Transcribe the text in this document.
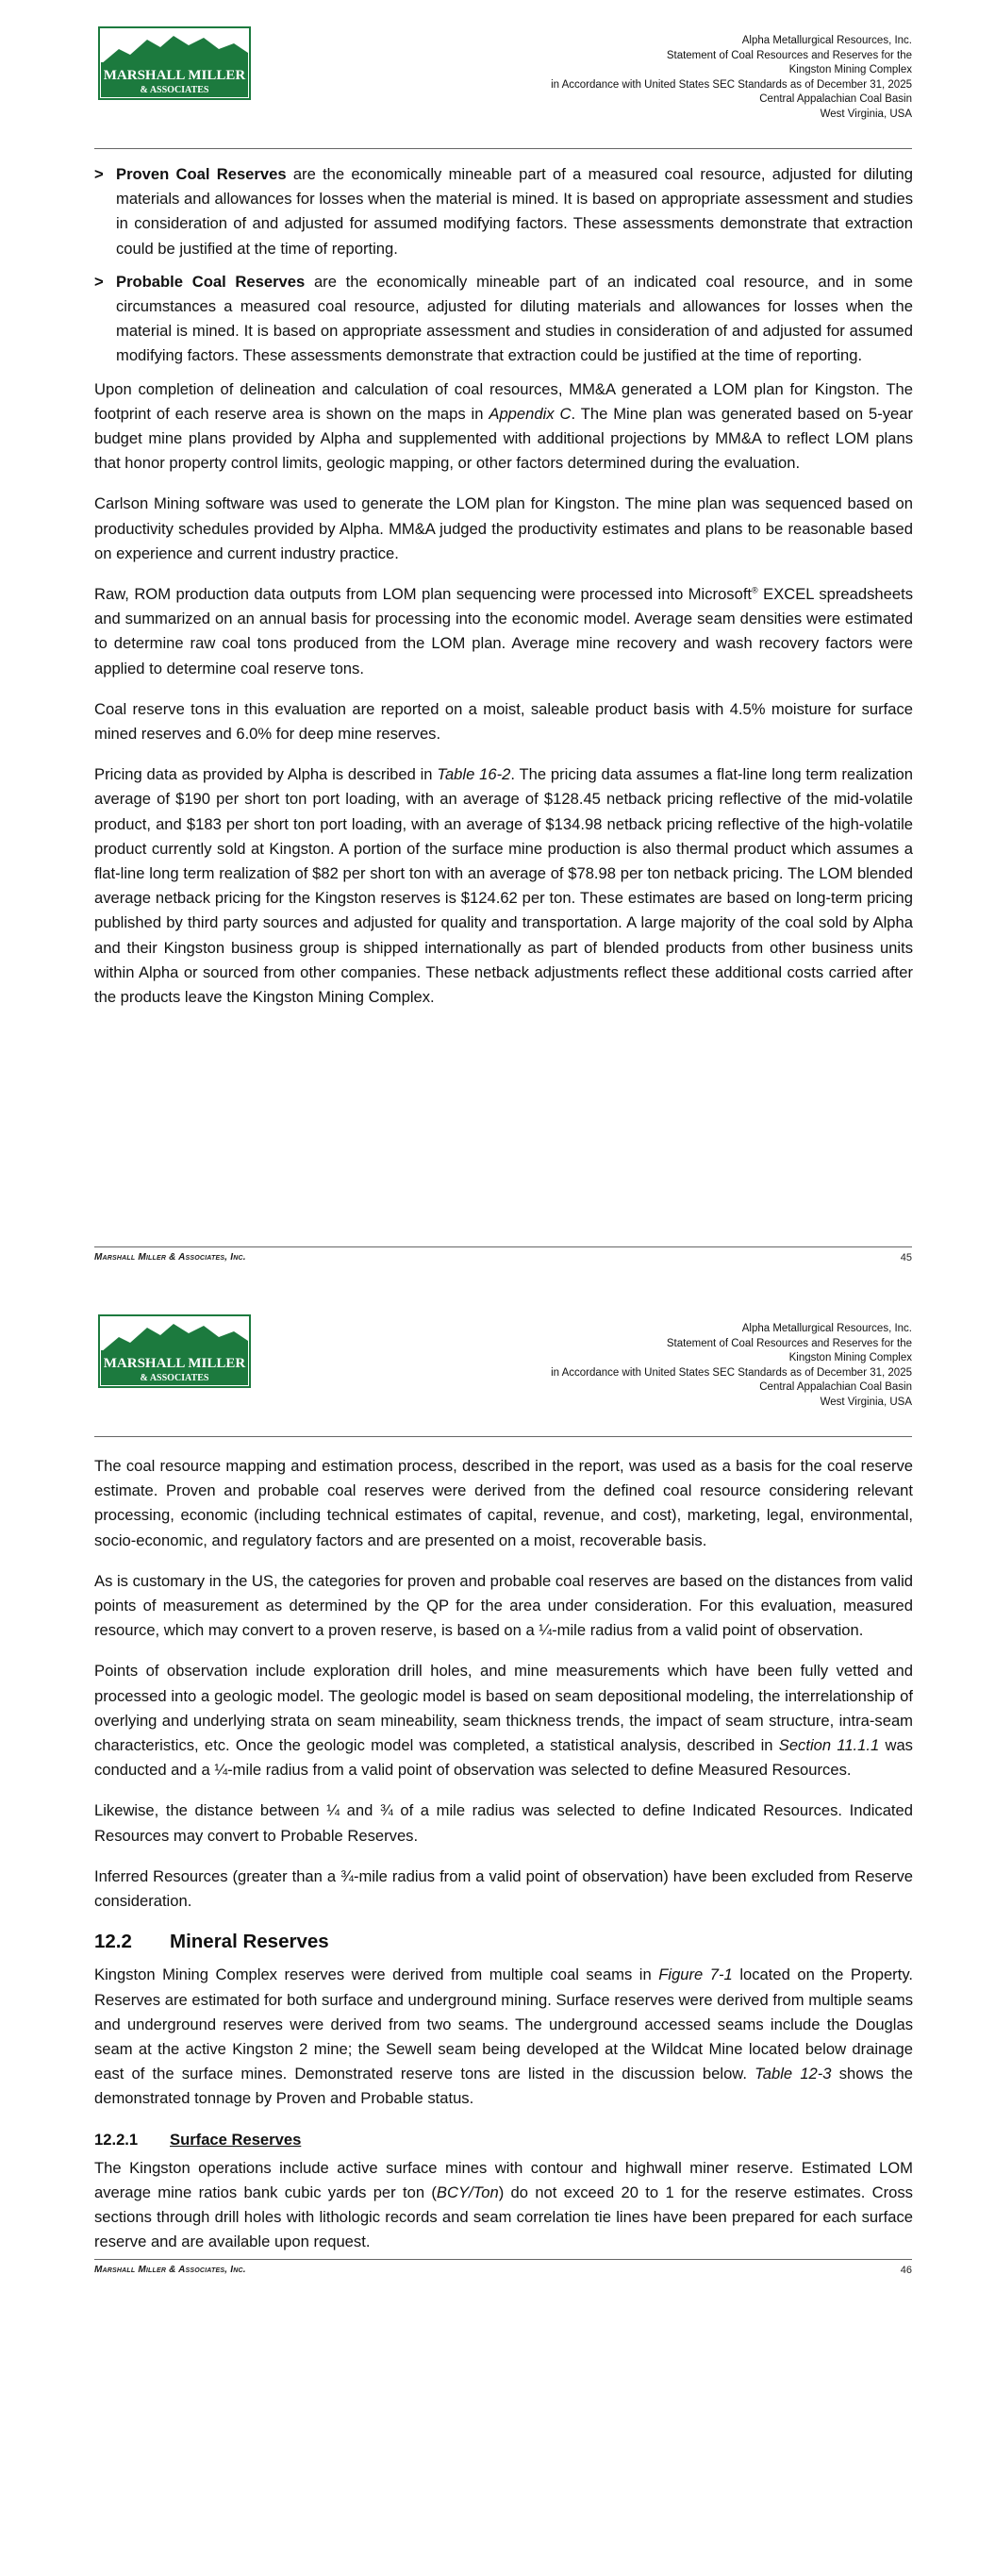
MARSHALL MILLER
& ASSOCIATES
Alpha Metallurgical Resources, Inc.
Statement of Coal Resources and Reserves for the
Kingston Mining Complex
in Accordance with United States SEC Standards as of December 31, 2025
Central Appalachian Coal Basin
West Virginia, USA
> Proven Coal Reserves are the economically mineable part of a measured coal resource, adjusted for diluting materials and allowances for losses when the material is mined. It is based on appropriate assessment and studies in consideration of and adjusted for assumed modifying factors. These assessments demonstrate that extraction could be justified at the time of reporting.
> Probable Coal Reserves are the economically mineable part of an indicated coal resource, and in some circumstances a measured coal resource, adjusted for diluting materials and allowances for losses when the material is mined. It is based on appropriate assessment and studies in consideration of and adjusted for assumed modifying factors. These assessments demonstrate that extraction could be justified at the time of reporting.

Upon completion of delineation and calculation of coal resources, MM&A generated a LOM plan for Kingston. The footprint of each reserve area is shown on the maps in Appendix C. The Mine plan was generated based on 5-year budget mine plans provided by Alpha and supplemented with additional projections by MM&A to reflect LOM plans that honor property control limits, geologic mapping, or other factors determined during the evaluation.

Carlson Mining software was used to generate the LOM plan for Kingston. The mine plan was sequenced based on productivity schedules provided by Alpha. MM&A judged the productivity estimates and plans to be reasonable based on experience and current industry practice.

Raw, ROM production data outputs from LOM plan sequencing were processed into Microsoft® EXCEL spreadsheets and summarized on an annual basis for processing into the economic model. Average seam densities were estimated to determine raw coal tons produced from the LOM plan. Average mine recovery and wash recovery factors were applied to determine coal reserve tons.

Coal reserve tons in this evaluation are reported on a moist, saleable product basis with 4.5% moisture for surface mined reserves and 6.0% for deep mine reserves.

Pricing data as provided by Alpha is described in Table 16-2. The pricing data assumes a flat-line long term realization average of $190 per short ton port loading, with an average of $128.45 netback pricing reflective of the mid-volatile product, and $183 per short ton port loading, with an average of $134.98 netback pricing reflective of the high-volatile product currently sold at Kingston. A portion of the surface mine production is also thermal product which assumes a flat-line long term realization of $82 per short ton with an average of $78.98 per ton netback pricing. The LOM blended average netback pricing for the Kingston reserves is $124.62 per ton. These estimates are based on long-term pricing published by third party sources and adjusted for quality and transportation. A large majority of the coal sold by Alpha and their Kingston business group is shipped internationally as part of blended products from other business units within Alpha or sourced from other companies. These netback adjustments reflect these additional costs carried after the products leave the Kingston Mining Complex.

Marshall Miller & Associates, Inc.	45
MARSHALL MILLER
& ASSOCIATES
Alpha Metallurgical Resources, Inc.
Statement of Coal Resources and Reserves for the
Kingston Mining Complex
in Accordance with United States SEC Standards as of December 31, 2025
Central Appalachian Coal Basin
West Virginia, USA

The coal resource mapping and estimation process, described in the report, was used as a basis for the coal reserve estimate. Proven and probable coal reserves were derived from the defined coal resource considering relevant processing, economic (including technical estimates of capital, revenue, and cost), marketing, legal, environmental, socio-economic, and regulatory factors and are presented on a moist, recoverable basis.

As is customary in the US, the categories for proven and probable coal reserves are based on the distances from valid points of measurement as determined by the QP for the area under consideration. For this evaluation, measured resource, which may convert to a proven reserve, is based on a ¼-mile radius from a valid point of observation.

Points of observation include exploration drill holes, and mine measurements which have been fully vetted and processed into a geologic model. The geologic model is based on seam depositional modeling, the interrelationship of overlying and underlying strata on seam mineability, seam thickness trends, the impact of seam structure, intra-seam characteristics, etc. Once the geologic model was completed, a statistical analysis, described in Section 11.1.1 was conducted and a ¼-mile radius from a valid point of observation was selected to define Measured Resources.

Likewise, the distance between ¼ and ¾ of a mile radius was selected to define Indicated Resources. Indicated Resources may convert to Probable Reserves.

Inferred Resources (greater than a ¾-mile radius from a valid point of observation) have been excluded from Reserve consideration.

12.2	Mineral Reserves

Kingston Mining Complex reserves were derived from multiple coal seams in Figure 7-1 located on the Property. Reserves are estimated for both surface and underground mining. Surface reserves were derived from multiple seams and underground reserves were derived from two seams. The underground accessed seams include the Douglas seam at the active Kingston 2 mine; the Sewell seam being developed at the Wildcat Mine located below drainage east of the surface mines. Demonstrated reserve tons are listed in the discussion below. Table 12-3 shows the demonstrated tonnage by Proven and Probable status.

12.2.1	Surface Reserves

The Kingston operations include active surface mines with contour and highwall miner reserve. Estimated LOM average mine ratios bank cubic yards per ton (BCY/Ton) do not exceed 20 to 1 for the reserve estimates. Cross sections through drill holes with lithologic records and seam correlation tie lines have been prepared for each surface reserve and are available upon request.

Marshall Miller & Associates, Inc.	46
